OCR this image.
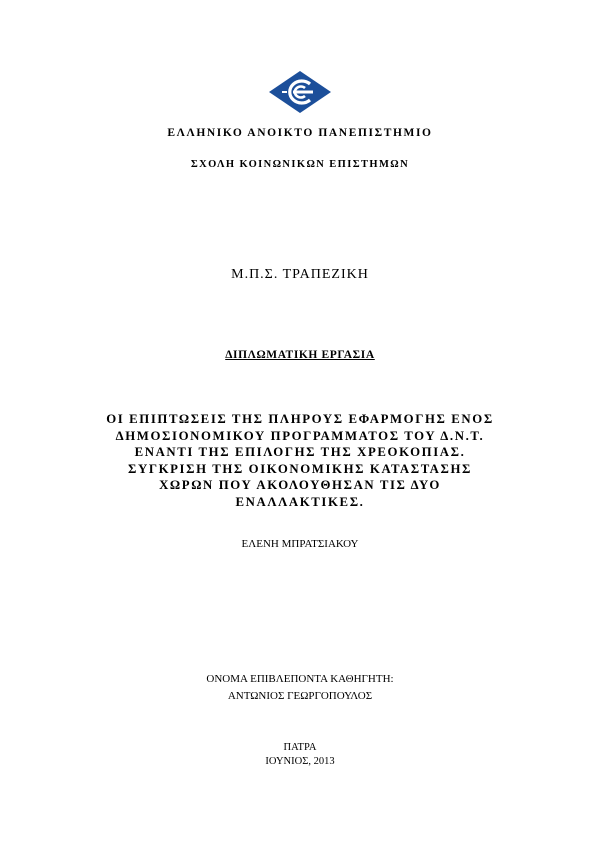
ΕΛΛΗΝΙΚΟ ΑΝΟΙΚΤΟ ΠΑΝΕΠΙΣΤΗΜΙΟ
ΣΧΟΛΗ ΚΟΙΝΩΝΙΚΩΝ ΕΠΙΣΤΗΜΩΝ
Μ.Π.Σ. ΤΡΑΠΕΖΙΚΗ
ΔΙΠΛΩΜΑΤΙΚΗ ΕΡΓΑΣΙΑ
ΟΙ ΕΠΙΠΤΩΣΕΙΣ ΤΗΣ ΠΛΗΡΟΥΣ ΕΦΑΡΜΟΓΗΣ ΕΝΟΣ
ΔΗΜΟΣΙΟΝΟΜΙΚΟΥ ΠΡΟΓΡΑΜΜΑΤΟΣ ΤΟΥ Δ.Ν.Τ.
ΕΝΑΝΤΙ ΤΗΣ ΕΠΙΛΟΓΗΣ ΤΗΣ ΧΡΕΟΚΟΠΙΑΣ.
ΣΥΓΚΡΙΣΗ ΤΗΣ ΟΙΚΟΝΟΜΙΚΗΣ ΚΑΤΑΣΤΑΣΗΣ
ΧΩΡΩΝ ΠΟΥ ΑΚΟΛΟΥΘΗΣΑΝ ΤΙΣ ΔΥΟ
ΕΝΑΛΛΑΚΤΙΚΕΣ.
ΕΛΕΝΗ ΜΠΡΑΤΣΙΑΚΟΥ
ΟΝΟΜΑ ΕΠΙΒΛΕΠΟΝΤΑ ΚΑΘΗΓΗΤΗ:
ΑΝΤΩΝΙΟΣ ΓΕΩΡΓΟΠΟΥΛΟΣ
ΠΑΤΡΑ
ΙΟΥΝΙΟΣ, 2013
